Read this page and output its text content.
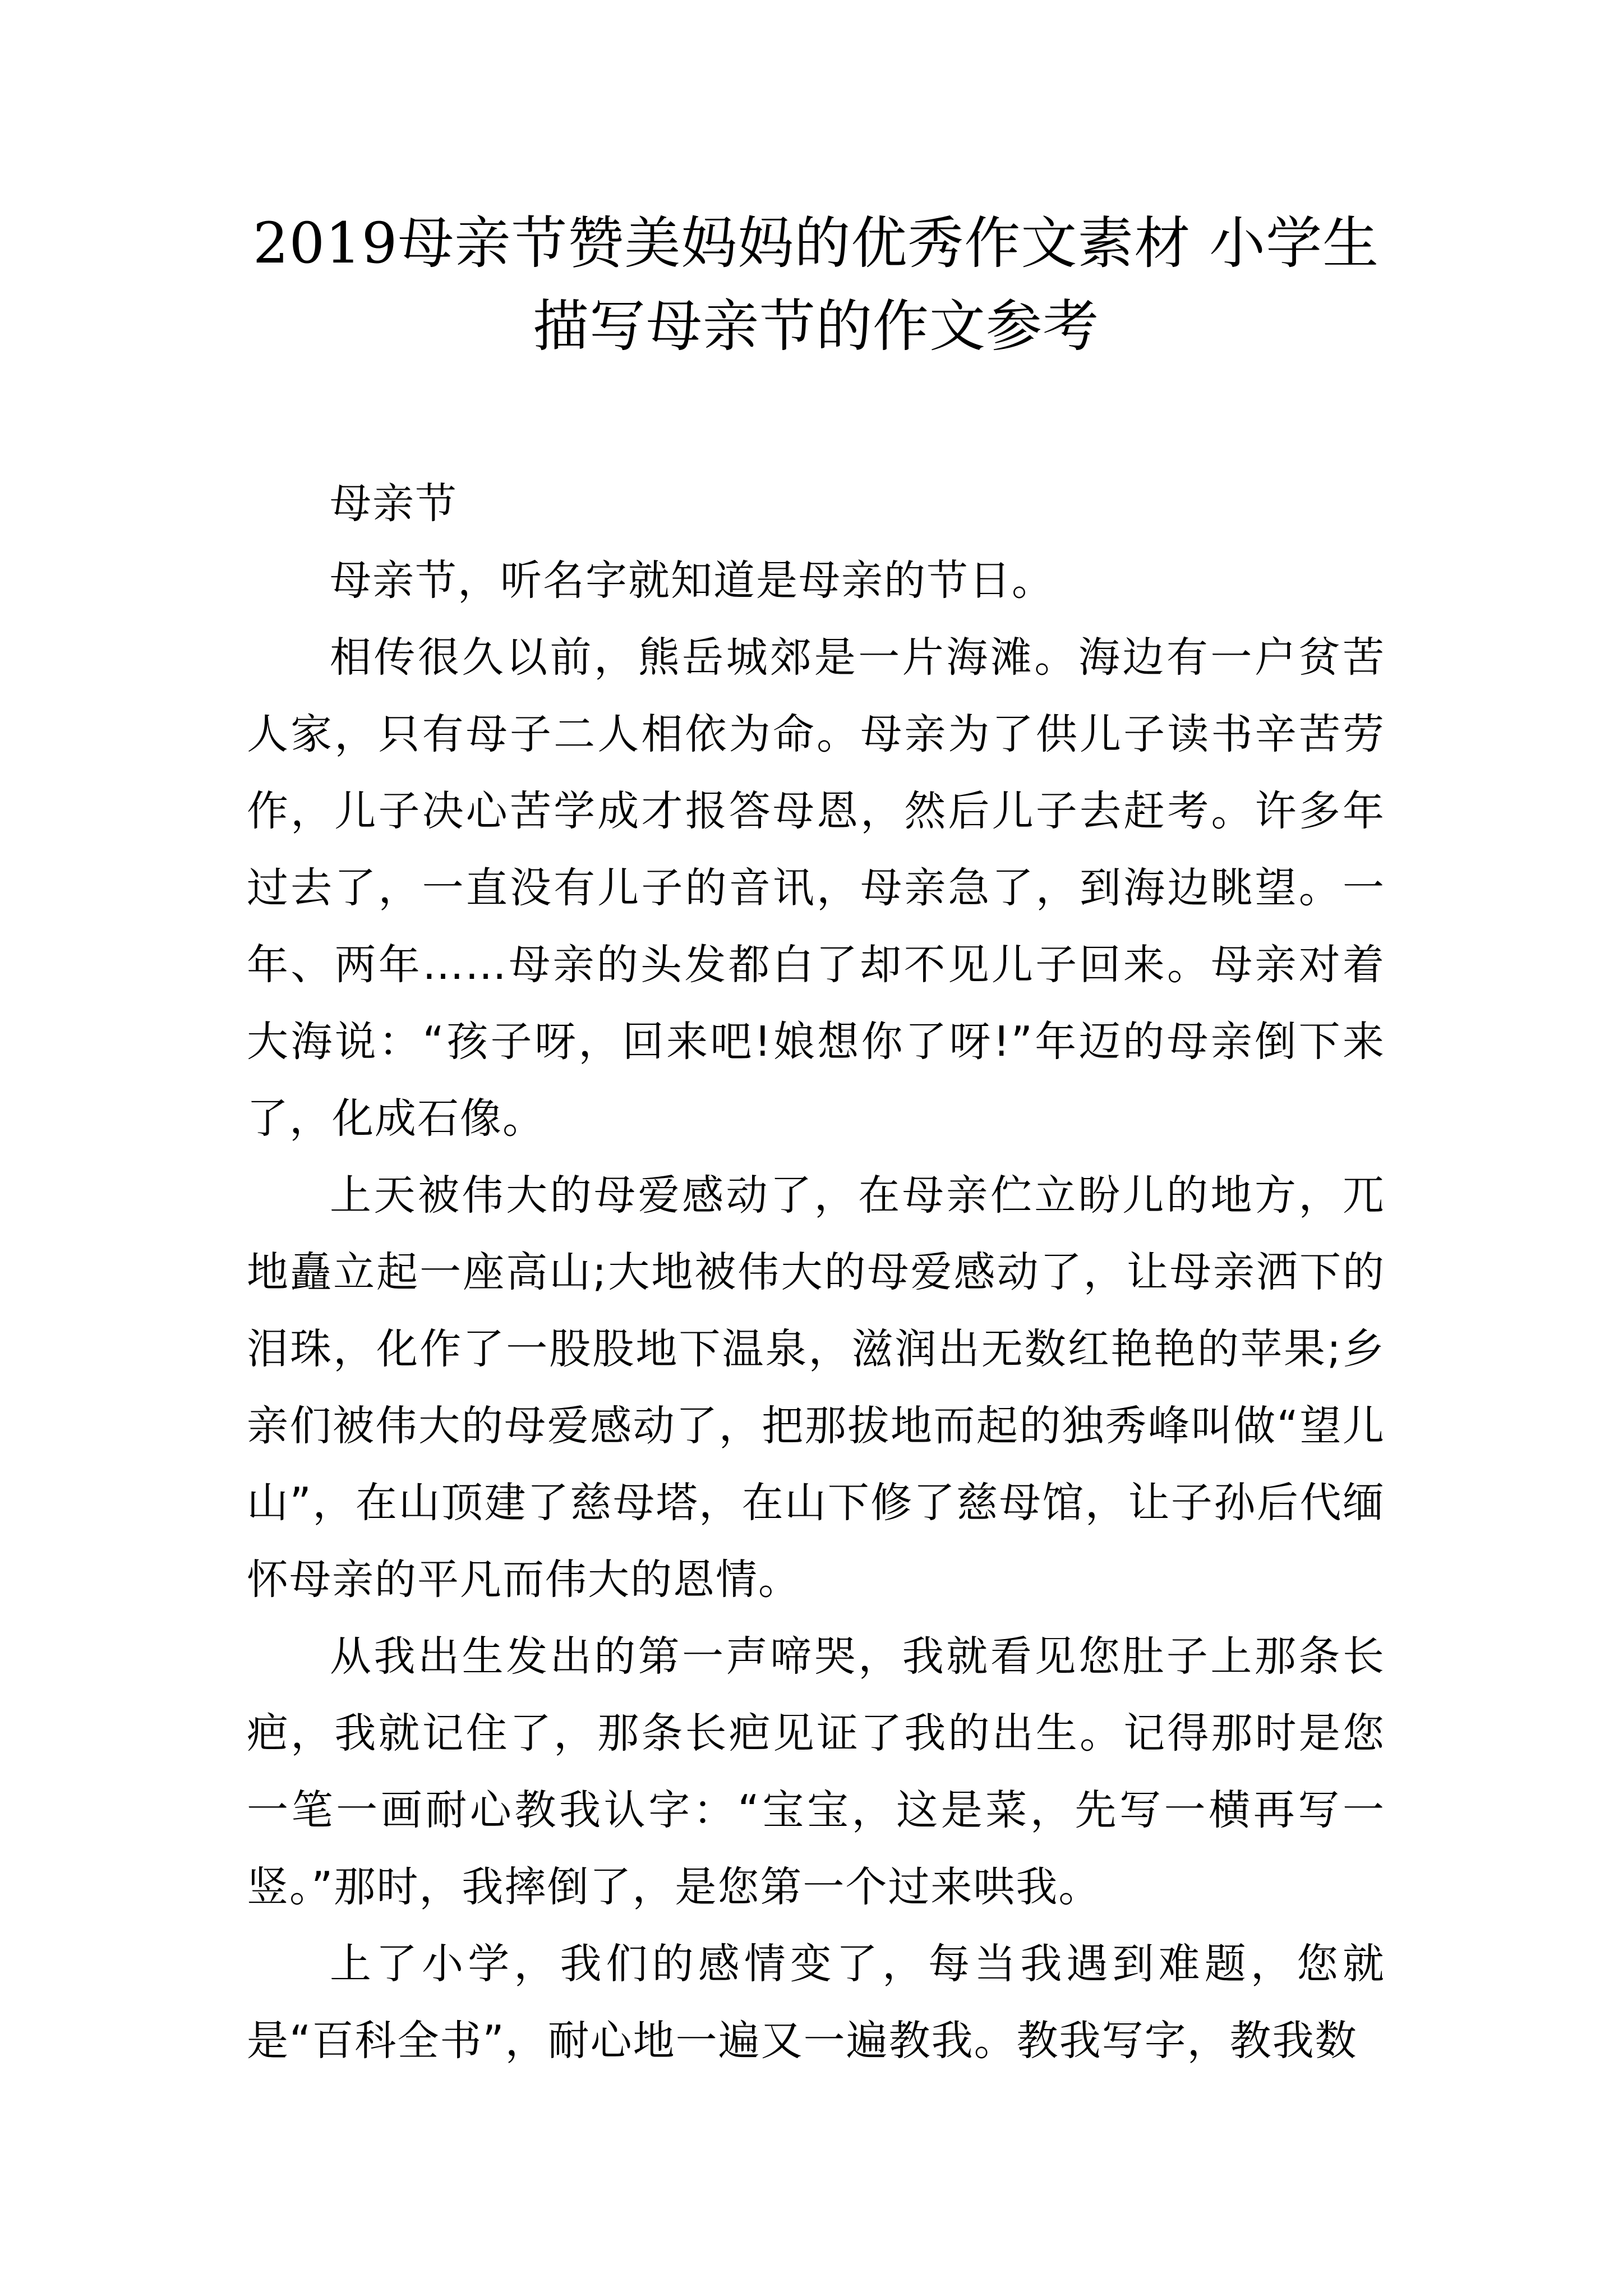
2019母亲节赞美妈妈的优秀作文素材 小学生描写母亲节的作文参考

母亲节

母亲节，听名字就知道是母亲的节日。

相传很久以前，熊岳城郊是一片海滩。海边有一户贫苦人家，只有母子二人相依为命。母亲为了供儿子读书辛苦劳作，儿子决心苦学成才报答母恩，然后儿子去赶考。许多年过去了，一直没有儿子的音讯，母亲急了，到海边眺望。一年、两年……母亲的头发都白了却不见儿子回来。母亲对着大海说：“孩子呀，回来吧!娘想你了呀!”年迈的母亲倒下来了，化成石像。

上天被伟大的母爱感动了，在母亲伫立盼儿的地方，兀地矗立起一座高山;大地被伟大的母爱感动了，让母亲洒下的泪珠，化作了一股股地下温泉，滋润出无数红艳艳的苹果;乡亲们被伟大的母爱感动了，把那拔地而起的独秀峰叫做“望儿山”，在山顶建了慈母塔，在山下修了慈母馆，让子孙后代缅怀母亲的平凡而伟大的恩情。

从我出生发出的第一声啼哭，我就看见您肚子上那条长疤，我就记住了，那条长疤见证了我的出生。记得那时是您一笔一画耐心教我认字：“宝宝，这是菜，先写一横再写一竖。”那时，我摔倒了，是您第一个过来哄我。

上了小学，我们的感情变了，每当我遇到难题，您就是“百科全书”，耐心地一遍又一遍教我。教我写字，教我数
